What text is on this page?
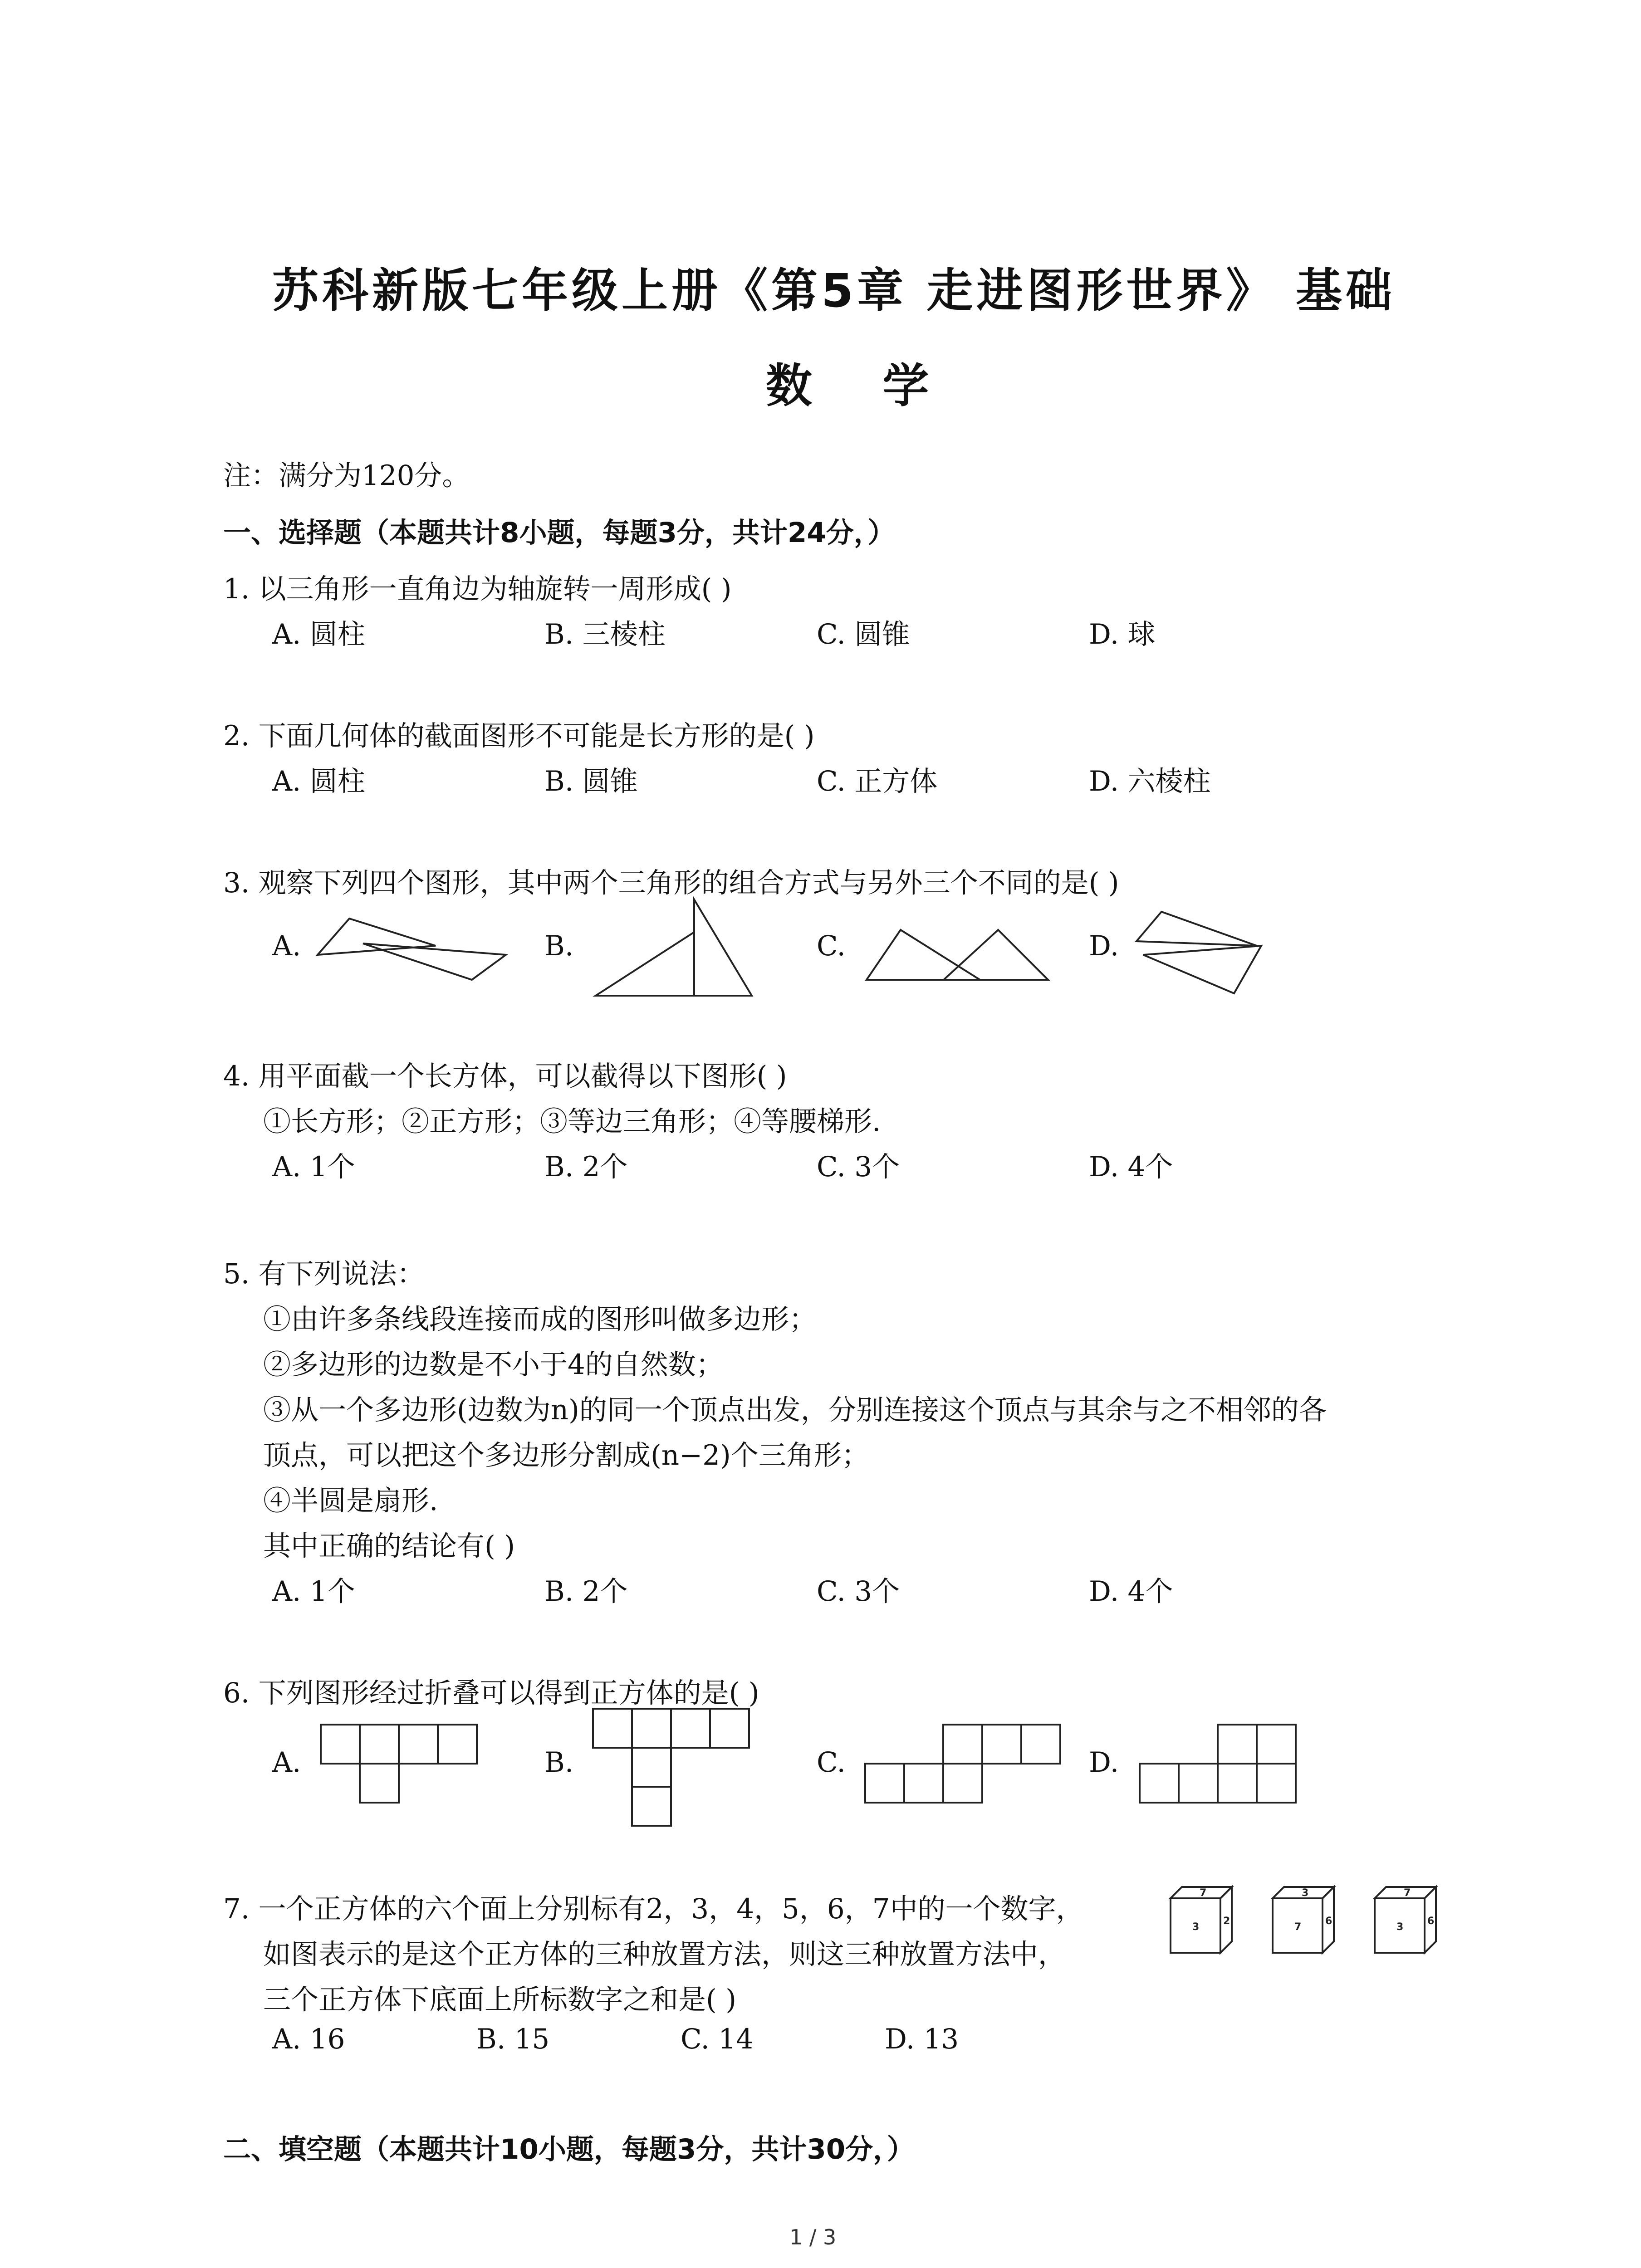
苏科新版七年级上册《第5章 走进图形世界》 基础
数 学
注：满分为120分。
一、选择题（本题共计8小题，每题3分，共计24分，）
1. 以三角形一直角边为轴旋转一周形成( )
A. 圆柱	B. 三棱柱	C. 圆锥	D. 球
2. 下面几何体的截面图形不可能是长方形的是( )
A. 圆柱	B. 圆锥	C. 正方体	D. 六棱柱
3. 观察下列四个图形，其中两个三角形的组合方式与另外三个不同的是( )
A.	B.	C.	D.
4. 用平面截一个长方体，可以截得以下图形( )
①长方形；②正方形；③等边三角形；④等腰梯形.
A. 1个	B. 2个	C. 3个	D. 4个
5. 有下列说法：
①由许多条线段连接而成的图形叫做多边形；
②多边形的边数是不小于4的自然数；
③从一个多边形(边数为n)的同一个顶点出发，分别连接这个顶点与其余与之不相邻的各
顶点，可以把这个多边形分割成(n−2)个三角形；
④半圆是扇形.
其中正确的结论有( )
A. 1个	B. 2个	C. 3个	D. 4个
6. 下列图形经过折叠可以得到正方体的是( )
A.	B.	C.	D.
7. 一个正方体的六个面上分别标有2，3，4，5，6，7中的一个数字，
如图表示的是这个正方体的三种放置方法，则这三种放置方法中，
三个正方体下底面上所标数字之和是( )
A. 16	B. 15	C. 14	D. 13
7
3
2
3
7
6
7
3
6
二、填空题（本题共计10小题，每题3分，共计30分，）
1 / 3
